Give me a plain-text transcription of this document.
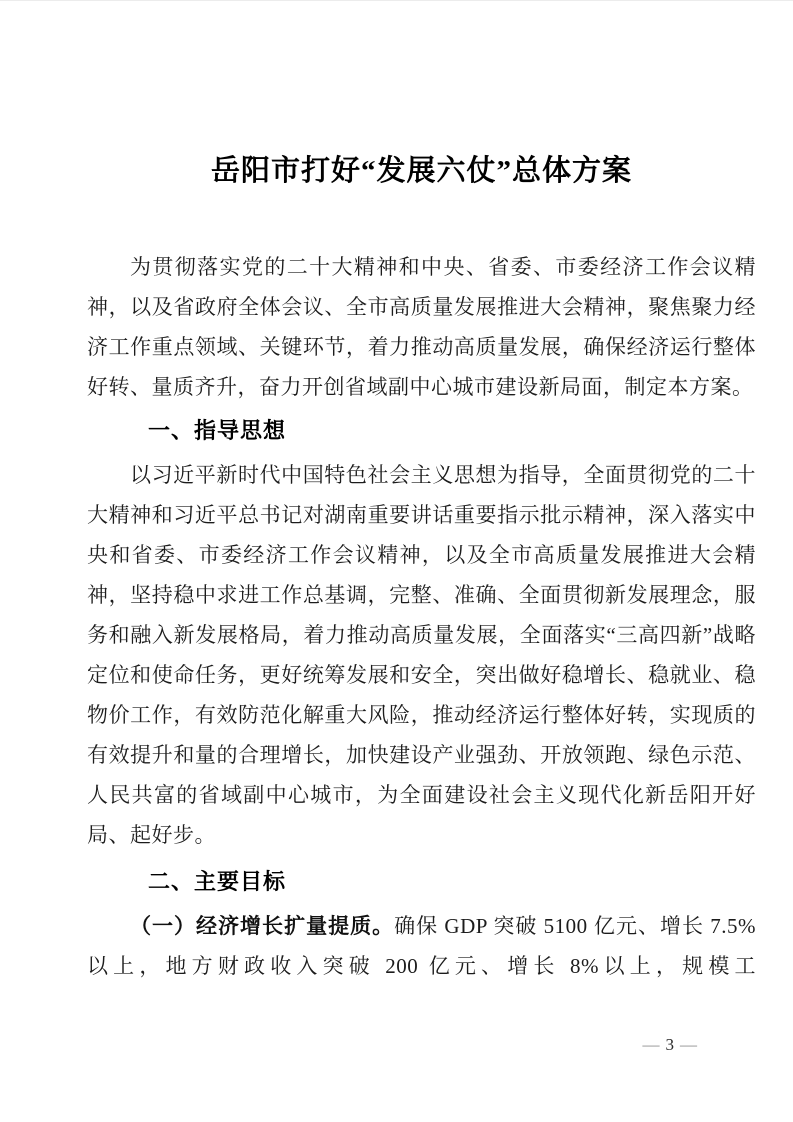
岳阳市打好“发展六仗”总体方案

为贯彻落实党的二十大精神和中央、省委、市委经济工作会议精神，以及省政府全体会议、全市高质量发展推进大会精神，聚焦聚力经济工作重点领域、关键环节，着力推动高质量发展，确保经济运行整体好转、量质齐升，奋力开创省域副中心城市建设新局面，制定本方案。

一、指导思想

以习近平新时代中国特色社会主义思想为指导，全面贯彻党的二十大精神和习近平总书记对湖南重要讲话重要指示批示精神，深入落实中央和省委、市委经济工作会议精神，以及全市高质量发展推进大会精神，坚持稳中求进工作总基调，完整、准确、全面贯彻新发展理念，服务和融入新发展格局，着力推动高质量发展，全面落实“三高四新”战略定位和使命任务，更好统筹发展和安全，突出做好稳增长、稳就业、稳物价工作，有效防范化解重大风险，推动经济运行整体好转，实现质的有效提升和量的合理增长，加快建设产业强劲、开放领跑、绿色示范、人民共富的省域副中心城市，为全面建设社会主义现代化新岳阳开好局、起好步。

二、主要目标

（一）经济增长扩量提质。确保 GDP 突破 5100 亿元、增长 7.5%以上，地方财政收入突破 200 亿元、增长 8%以上，规模工

— 3 —
